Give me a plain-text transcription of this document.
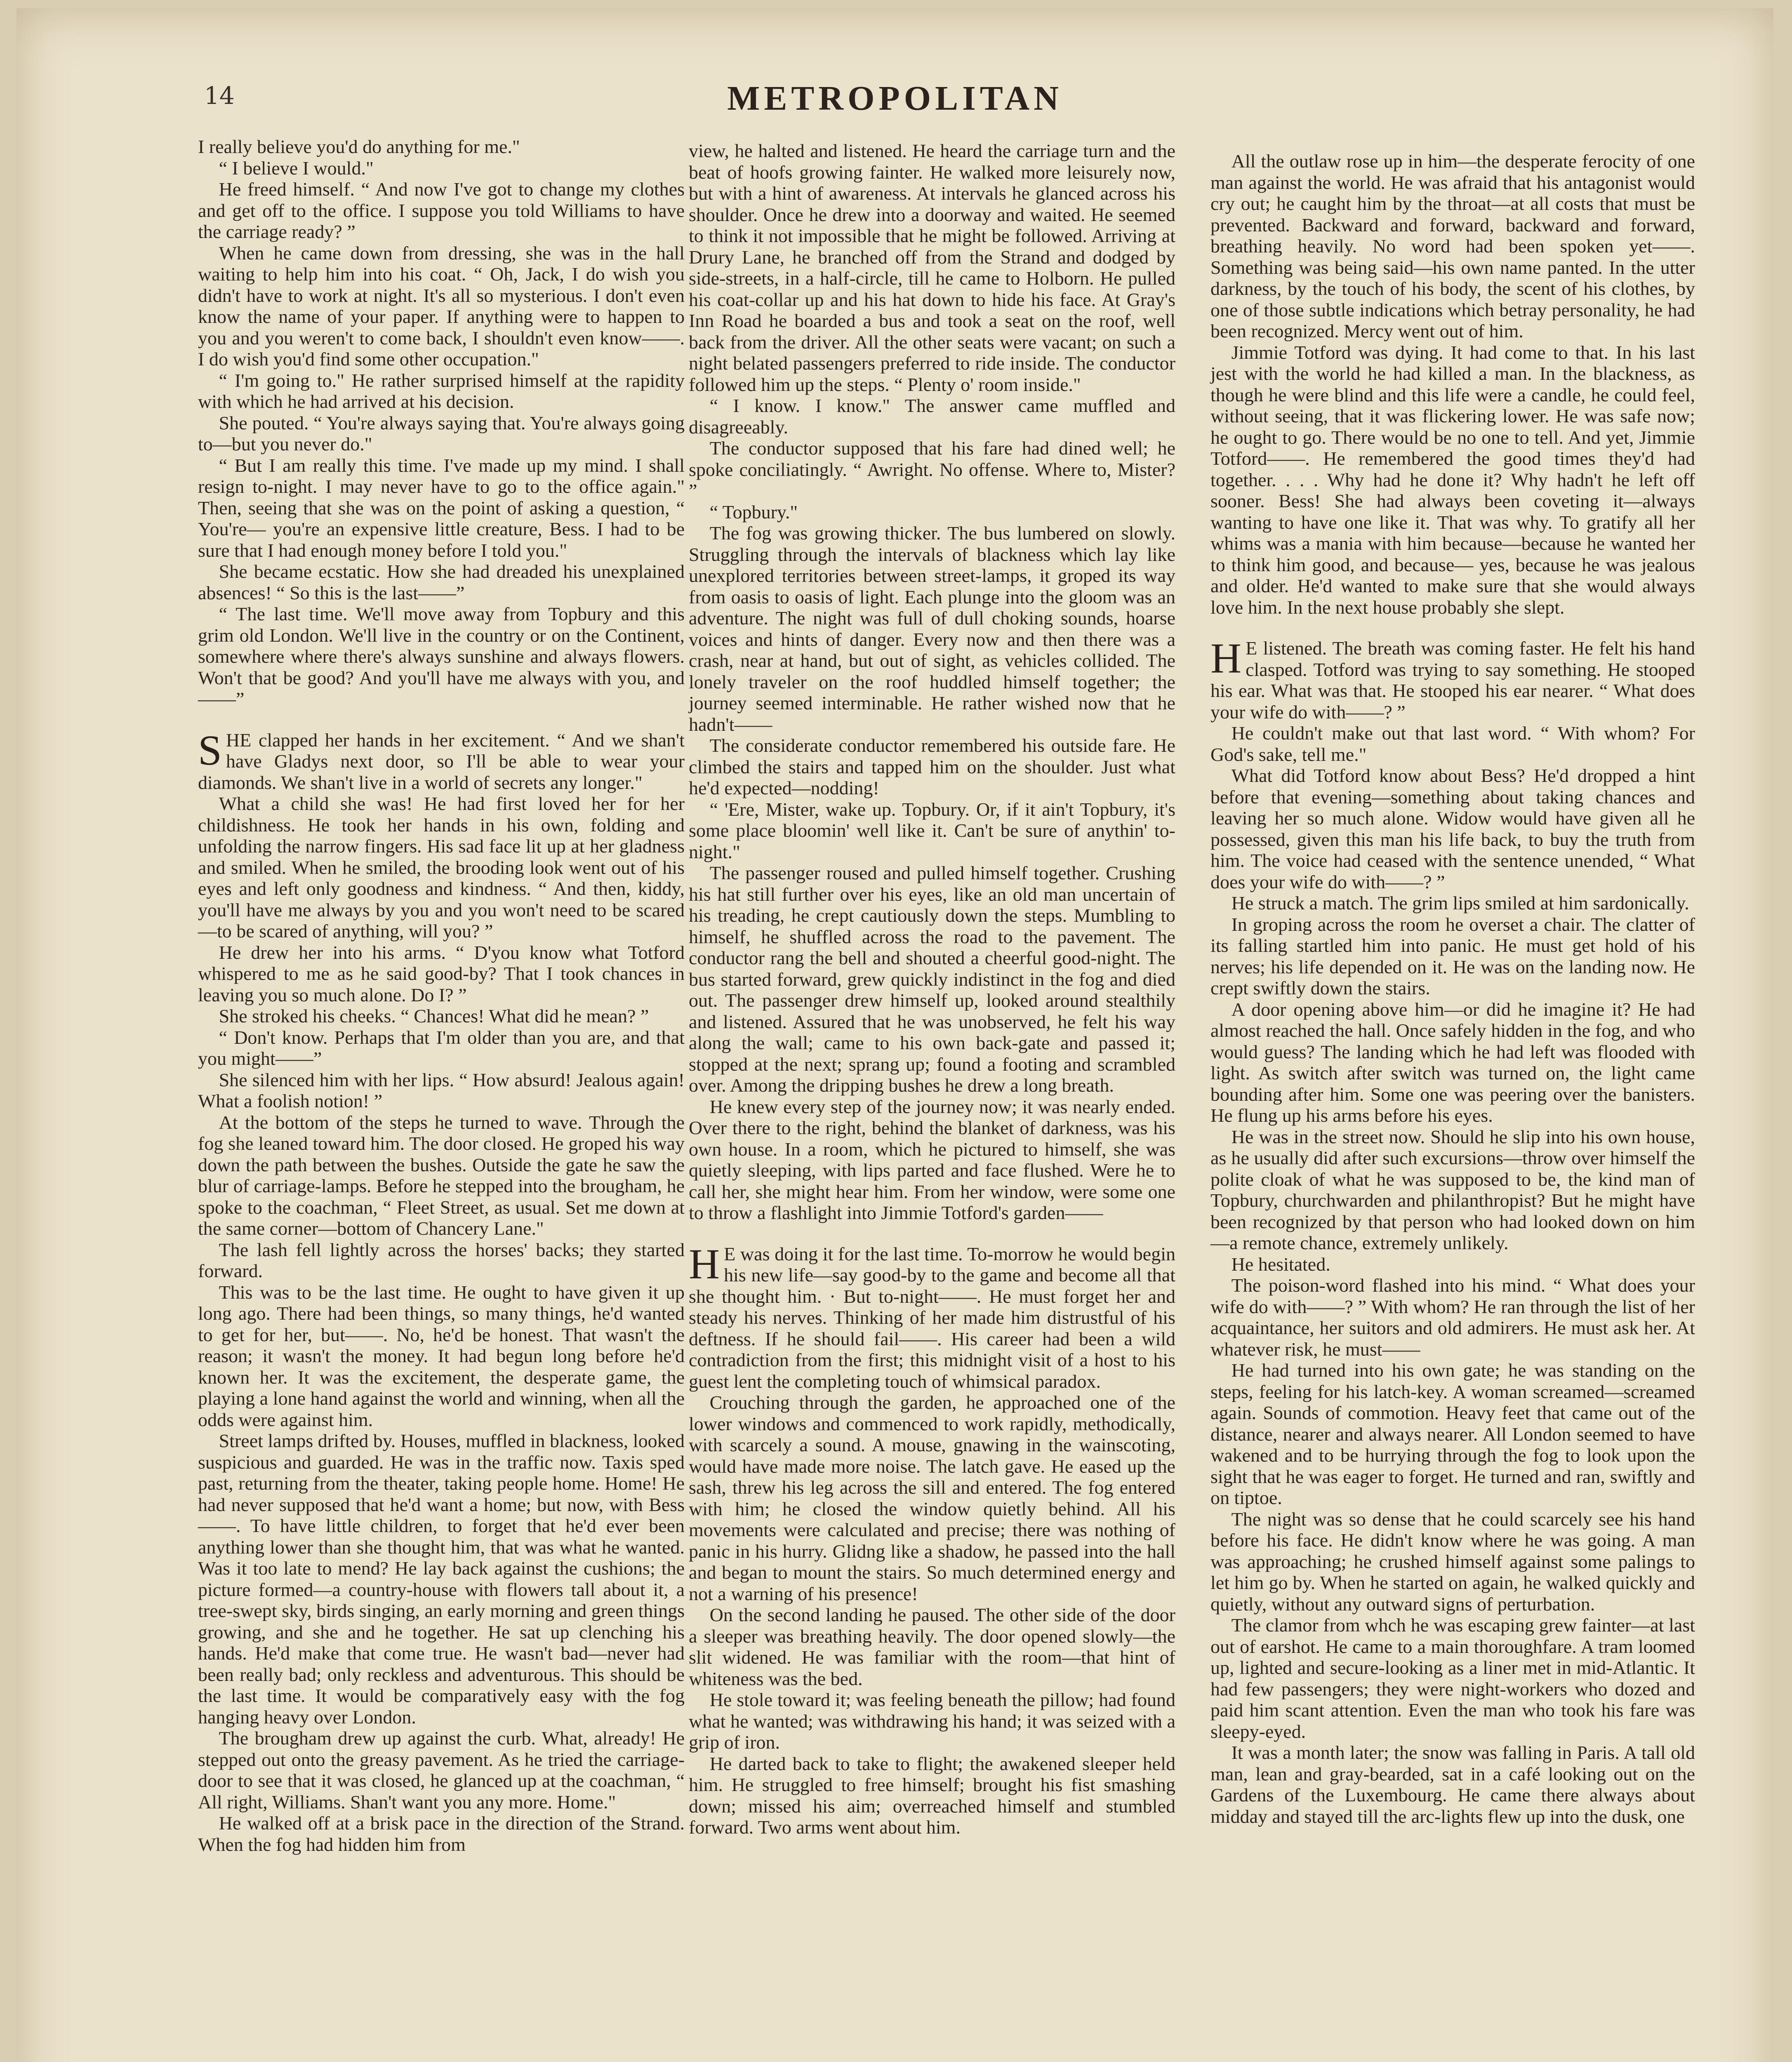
14	METROPOLITAN

I really believe you'd do anything for me."

“ I believe I would."

He freed himself. “ And now I've got to change my clothes and get off to the office. I suppose you told Williams to have the carriage ready? ”

When he came down from dressing, she was in the hall waiting to help him into his coat. “ Oh, Jack, I do wish you didn't have to work at night. It's all so mysterious. I don't even know the name of your paper. If anything were to happen to you and you weren't to come back, I shouldn't even know——. I do wish you'd find some other occupation."

“ I'm going to." He rather surprised himself at the rapidity with which he had arrived at his decision.

She pouted. “ You're always saying that. You're always going to—but you never do."

“ But I am really this time. I've made up my mind. I shall resign to-night. I may never have to go to the office again." Then, seeing that she was on the point of asking a question, “ You're— you're an expensive little creature, Bess. I had to be sure that I had enough money before I told you."

She became ecstatic. How she had dreaded his unexplained absences! “ So this is the last——”

“ The last time. We'll move away from Topbury and this grim old London. We'll live in the country or on the Continent, somewhere where there's always sunshine and always flowers. Won't that be good? And you'll have me always with you, and——”

SHE clapped her hands in her excitement. “ And we shan't have Gladys next door, so I'll be able to wear your diamonds. We shan't live in a world of secrets any longer."

What a child she was! He had first loved her for her childishness. He took her hands in his own, folding and unfolding the narrow fingers. His sad face lit up at her gladness and smiled. When he smiled, the brooding look went out of his eyes and left only goodness and kindness. “ And then, kiddy, you'll have me always by you and you won't need to be scared—to be scared of anything, will you? ”

He drew her into his arms. “ D'you know what Totford whispered to me as he said good-by? That I took chances in leaving you so much alone. Do I? ”

She stroked his cheeks. “ Chances! What did he mean? ”

“ Don't know. Perhaps that I'm older than you are, and that you might——”

She silenced him with her lips. “ How absurd! Jealous again! What a foolish notion! ”

At the bottom of the steps he turned to wave. Through the fog she leaned toward him. The door closed. He groped his way down the path between the bushes. Outside the gate he saw the blur of carriage-lamps. Before he stepped into the brougham, he spoke to the coachman, “ Fleet Street, as usual. Set me down at the same corner—bottom of Chancery Lane."

The lash fell lightly across the horses' backs; they started forward.

This was to be the last time. He ought to have given it up long ago. There had been things, so many things, he'd wanted to get for her, but——. No, he'd be honest. That wasn't the reason; it wasn't the money. It had begun long before he'd known her. It was the excitement, the desperate game, the playing a lone hand against the world and winning, when all the odds were against him.

Street lamps drifted by. Houses, muffled in blackness, looked suspicious and guarded. He was in the traffic now. Taxis sped past, returning from the theater, taking people home. Home! He had never supposed that he'd want a home; but now, with Bess——. To have little children, to forget that he'd ever been anything lower than she thought him, that was what he wanted. Was it too late to mend? He lay back against the cushions; the picture formed—a country-house with flowers tall about it, a tree-swept sky, birds singing, an early morning and green things growing, and she and he together. He sat up clenching his hands. He'd make that come true. He wasn't bad—never had been really bad; only reckless and adventurous. This should be the last time. It would be comparatively easy with the fog hanging heavy over London.

The brougham drew up against the curb. What, already! He stepped out onto the greasy pavement. As he tried the carriage-door to see that it was closed, he glanced up at the coachman, “ All right, Williams. Shan't want you any more. Home."

He walked off at a brisk pace in the direction of the Strand. When the fog had hidden him from

view, he halted and listened. He heard the carriage turn and the beat of hoofs growing fainter. He walked more leisurely now, but with a hint of awareness. At intervals he glanced across his shoulder. Once he drew into a doorway and waited. He seemed to think it not impossible that he might be followed. Arriving at Drury Lane, he branched off from the Strand and dodged by side-streets, in a half-circle, till he came to Holborn. He pulled his coat-collar up and his hat down to hide his face. At Gray's Inn Road he boarded a bus and took a seat on the roof, well back from the driver. All the other seats were vacant; on such a night belated passengers preferred to ride inside. The conductor followed him up the steps. “ Plenty o' room inside."

“ I know. I know." The answer came muffled and disagreeably.

The conductor supposed that his fare had dined well; he spoke conciliatingly. “ Awright. No offense. Where to, Mister? ”

“ Topbury."

The fog was growing thicker. The bus lumbered on slowly. Struggling through the intervals of blackness which lay like unexplored territories between street-lamps, it groped its way from oasis to oasis of light. Each plunge into the gloom was an adventure. The night was full of dull choking sounds, hoarse voices and hints of danger. Every now and then there was a crash, near at hand, but out of sight, as vehicles collided. The lonely traveler on the roof huddled himself together; the journey seemed interminable. He rather wished now that he hadn't——

The considerate conductor remembered his outside fare. He climbed the stairs and tapped him on the shoulder. Just what he'd expected—nodding!

“ 'Ere, Mister, wake up. Topbury. Or, if it ain't Topbury, it's some place bloomin' well like it. Can't be sure of anythin' to-night."

The passenger roused and pulled himself together. Crushing his hat still further over his eyes, like an old man uncertain of his treading, he crept cautiously down the steps. Mumbling to himself, he shuffled across the road to the pavement. The conductor rang the bell and shouted a cheerful good-night. The bus started forward, grew quickly indistinct in the fog and died out. The passenger drew himself up, looked around stealthily and listened. Assured that he was unobserved, he felt his way along the wall; came to his own back-gate and passed it; stopped at the next; sprang up; found a footing and scrambled over. Among the dripping bushes he drew a long breath.

He knew every step of the journey now; it was nearly ended. Over there to the right, behind the blanket of darkness, was his own house. In a room, which he pictured to himself, she was quietly sleeping, with lips parted and face flushed. Were he to call her, she might hear him. From her window, were some one to throw a flashlight into Jimmie Totford's garden——

H E was doing it for the last time. To-morrow he would begin his new life—say good-by to the game and become all that she thought him. · But to-night——. He must forget her and steady his nerves. Thinking of her made him distrustful of his deftness. If he should fail——. His career had been a wild contradiction from the first; this midnight visit of a host to his guest lent the completing touch of whimsical paradox.

Crouching through the garden, he approached one of the lower windows and commenced to work rapidly, methodically, with scarcely a sound. A mouse, gnawing in the wainscoting, would have made more noise. The latch gave. He eased up the sash, threw his leg across the sill and entered. The fog entered with him; he closed the window quietly behind. All his movements were calculated and precise; there was nothing of panic in his hurry. Glidng like a shadow, he passed into the hall and began to mount the stairs. So much determined energy and not a warning of his presence!

On the second landing he paused. The other side of the door a sleeper was breathing heavily. The door opened slowly—the slit widened. He was familiar with the room—that hint of whiteness was the bed.

He stole toward it; was feeling beneath the pillow; had found what he wanted; was withdrawing his hand; it was seized with a grip of iron.

He darted back to take to flight; the awakened sleeper held him. He struggled to free himself; brought his fist smashing down; missed his aim; overreached himself and stumbled forward. Two arms went about him.

All the outlaw rose up in him—the desperate ferocity of one man against the world. He was afraid that his antagonist would cry out; he caught him by the throat—at all costs that must be prevented. Backward and forward, backward and forward, breathing heavily. No word had been spoken yet——. Something was being said—his own name panted. In the utter darkness, by the touch of his body, the scent of his clothes, by one of those subtle indications which betray personality, he had been recognized. Mercy went out of him.

Jimmie Totford was dying. It had come to that. In his last jest with the world he had killed a man. In the blackness, as though he were blind and this life were a candle, he could feel, without seeing, that it was flickering lower. He was safe now; he ought to go. There would be no one to tell. And yet, Jimmie Totford——. He remembered the good times they'd had together. . . . Why had he done it? Why hadn't he left off sooner. Bess! She had always been coveting it—always wanting to have one like it. That was why. To gratify all her whims was a mania with him because—because he wanted her to think him good, and because— yes, because he was jealous and older. He'd wanted to make sure that she would always love him. In the next house probably she slept.

H E listened. The breath was coming faster. He felt his hand clasped. Totford was trying to say something. He stooped his ear. What was that. He stooped his ear nearer. “ What does your wife do with——? ”

He couldn't make out that last word. “ With whom? For God's sake, tell me."

What did Totford know about Bess? He'd dropped a hint before that evening—something about taking chances and leaving her so much alone. Widow would have given all he possessed, given this man his life back, to buy the truth from him. The voice had ceased with the sentence unended, “ What does your wife do with——? ”

He struck a match. The grim lips smiled at him sardonically.

In groping across the room he overset a chair. The clatter of its falling startled him into panic. He must get hold of his nerves; his life depended on it. He was on the landing now. He crept swiftly down the stairs.

A door opening above him—or did he imagine it? He had almost reached the hall. Once safely hidden in the fog, and who would guess? The landing which he had left was flooded with light. As switch after switch was turned on, the light came bounding after him. Some one was peering over the banisters. He flung up his arms before his eyes.

He was in the street now. Should he slip into his own house, as he usually did after such excursions—throw over himself the polite cloak of what he was supposed to be, the kind man of Topbury, churchwarden and philanthropist? But he might have been recognized by that person who had looked down on him—a remote chance, extremely unlikely.

He hesitated.

The poison-word flashed into his mind. “ What does your wife do with——? ” With whom? He ran through the list of her acquaintance, her suitors and old admirers. He must ask her. At whatever risk, he must——

He had turned into his own gate; he was standing on the steps, feeling for his latch-key. A woman screamed—screamed again. Sounds of commotion. Heavy feet that came out of the distance, nearer and always nearer. All London seemed to have wakened and to be hurrying through the fog to look upon the sight that he was eager to forget. He turned and ran, swiftly and on tiptoe.

The night was so dense that he could scarcely see his hand before his face. He didn't know where he was going. A man was approaching; he crushed himself against some palings to let him go by. When he started on again, he walked quickly and quietly, without any outward signs of perturbation.

The clamor from whch he was escaping grew fainter—at last out of earshot. He came to a main thoroughfare. A tram loomed up, lighted and secure-looking as a liner met in mid-Atlantic. It had few passengers; they were night-workers who dozed and paid him scant attention. Even the man who took his fare was sleepy-eyed.

It was a month later; the snow was falling in Paris. A tall old man, lean and gray-bearded, sat in a café looking out on the Gardens of the Luxembourg. He came there always about midday and stayed till the arc-lights flew up into the dusk, one
